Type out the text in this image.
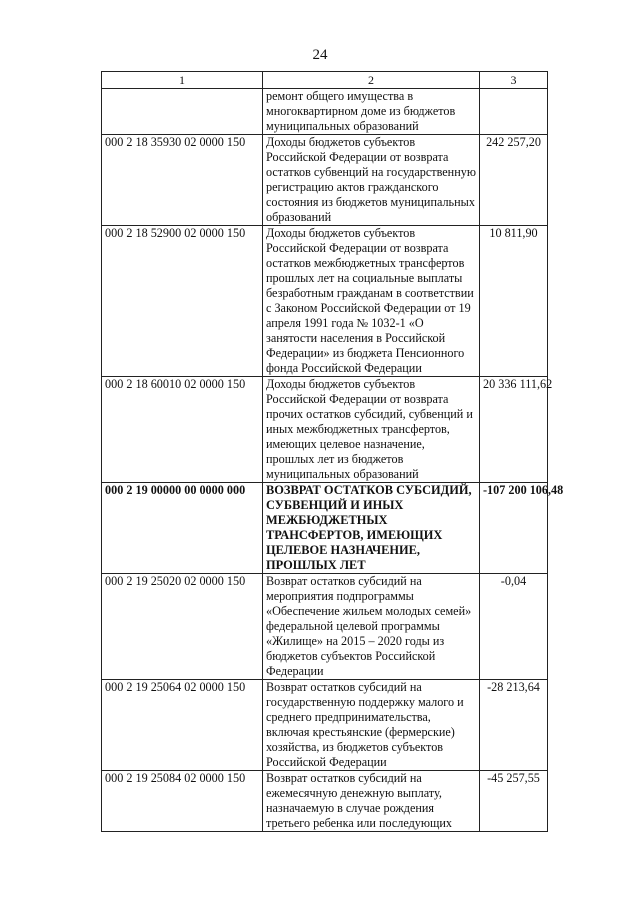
24
1	2	3
	ремонт общего имущества в многоквартирном доме из бюджетов муниципальных образований	
000 2 18 35930 02 0000 150	Доходы бюджетов субъектов Российской Федерации от возврата остатков субвенций на государственную регистрацию актов гражданского состояния из бюджетов муниципальных образований	242 257,20
000 2 18 52900 02 0000 150	Доходы бюджетов субъектов Российской Федерации от возврата остатков межбюджетных трансфертов прошлых лет на социальные выплаты безработным гражданам в соответствии с Законом Российской Федерации от 19 апреля 1991 года № 1032-1 «О занятости населения в Российской Федерации» из бюджета Пенсионного фонда Российской Федерации	10 811,90
000 2 18 60010 02 0000 150	Доходы бюджетов субъектов Российской Федерации от возврата прочих остатков субсидий, субвенций и иных межбюджетных трансфертов, имеющих целевое назначение, прошлых лет из бюджетов муниципальных образований	20 336 111,62
000 2 19 00000 00 0000 000	ВОЗВРАТ ОСТАТКОВ СУБСИДИЙ, СУБВЕНЦИЙ И ИНЫХ МЕЖБЮДЖЕТНЫХ ТРАНСФЕРТОВ, ИМЕЮЩИХ ЦЕЛЕВОЕ НАЗНАЧЕНИЕ, ПРОШЛЫХ ЛЕТ	-107 200 106,48
000 2 19 25020 02 0000 150	Возврат остатков субсидий на мероприятия подпрограммы «Обеспечение жильем молодых семей» федеральной целевой программы «Жилище» на 2015 – 2020 годы из бюджетов субъектов Российской Федерации	-0,04
000 2 19 25064 02 0000 150	Возврат остатков субсидий на государственную поддержку малого и среднего предпринимательства, включая крестьянские (фермерские) хозяйства, из бюджетов субъектов Российской Федерации	-28 213,64
000 2 19 25084 02 0000 150	Возврат остатков субсидий на ежемесячную денежную выплату, назначаемую в случае рождения третьего ребенка или последующих	-45 257,55
